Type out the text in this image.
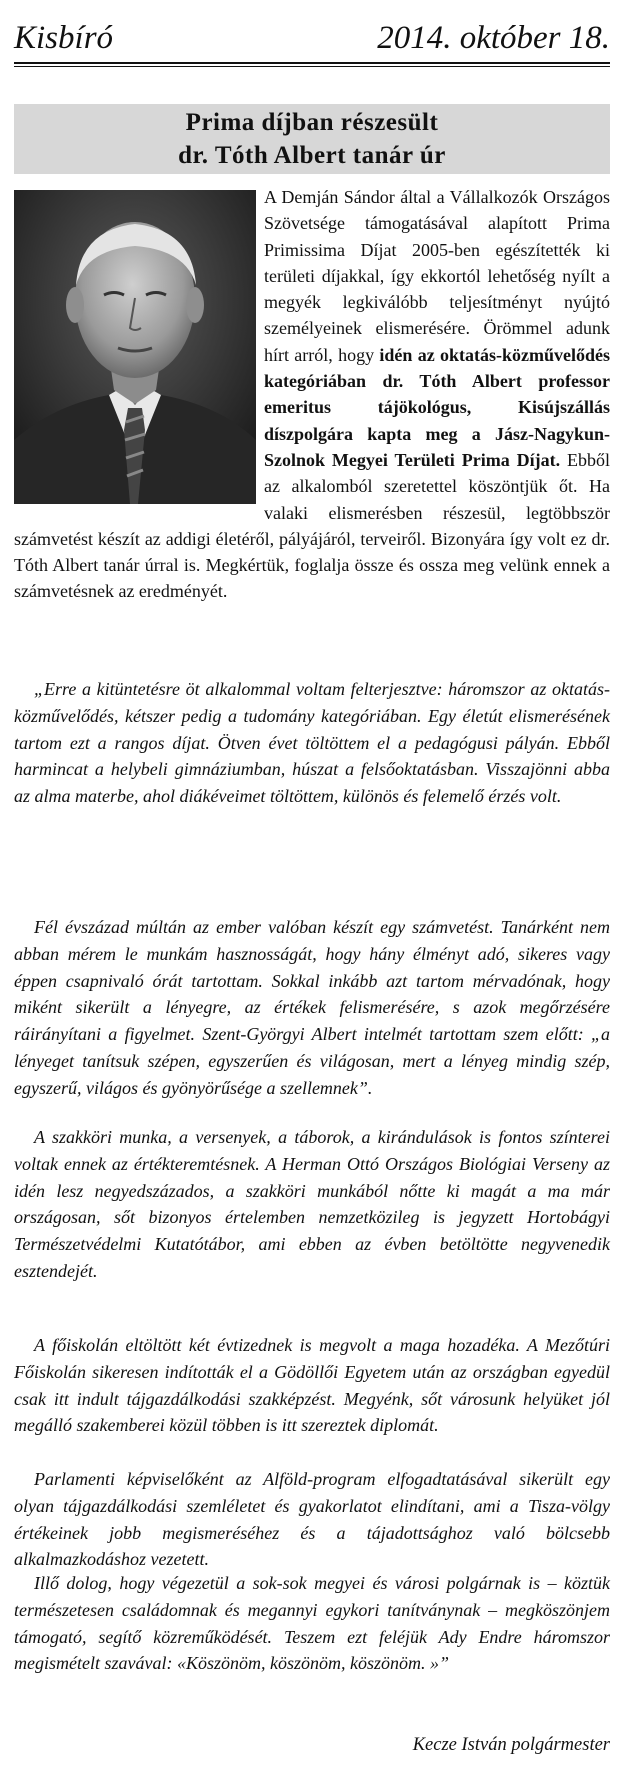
Kisbíró	2014. október 18.
Prima díjban részesült
dr. Tóth Albert tanár úr
A Demján Sándor által a Vállalkozók Országos Szövetsége támogatásával alapított Prima Primissima Díjat 2005-ben egészítették ki területi díjakkal, így ekkortól lehetőség nyílt a megyék legkiválóbb teljesítményt nyújtó személyeinek elismerésére. Örömmel adunk hírt arról, hogy idén az oktatás-közművelődés kategóriában dr. Tóth Albert professor emeritus tájökológus, Kisújszállás díszpolgára kapta meg a Jász-Nagykun-Szolnok Megyei Területi Prima Díjat. Ebből az alkalomból szeretettel köszöntjük őt. Ha valaki elismerésben részesül, legtöbbször számvetést készít az addigi életéről, pályájáról, terveiről. Bizonyára így volt ez dr. Tóth Albert tanár úrral is. Megkértük, foglalja össze és ossza meg velünk ennek a számvetésnek az eredményét.

„Erre a kitüntetésre öt alkalommal voltam felterjesztve: háromszor az oktatás-közművelődés, kétszer pedig a tudomány kategóriában. Egy életút elismerésének tartom ezt a rangos díjat. Ötven évet töltöttem el a pedagógusi pályán. Ebből harmincat a helybeli gimnáziumban, húszat a felsőoktatásban. Visszajönni abba az alma materbe, ahol diákéveimet töltöttem, különös és felemelő érzés volt.

Fél évszázad múltán az ember valóban készít egy számvetést. Tanárként nem abban mérem le munkám hasznosságát, hogy hány élményt adó, sikeres vagy éppen csapnivaló órát tartottam. Sokkal inkább azt tartom mérvadónak, hogy miként sikerült a lényegre, az értékek felismerésére, s azok megőrzésére ráirányítani a figyelmet. Szent-Györgyi Albert intelmét tartottam szem előtt: „a lényeget tanítsuk szépen, egyszerűen és világosan, mert a lényeg mindig szép, egyszerű, világos és gyönyörűsége a szellemnek”.

A szakköri munka, a versenyek, a táborok, a kirándulások is fontos színterei voltak ennek az értékteremtésnek. A Herman Ottó Országos Biológiai Verseny az idén lesz negyedszázados, a szakköri munkából nőtte ki magát a ma már országosan, sőt bizonyos értelemben nemzetközileg is jegyzett Hortobágyi Természetvédelmi Kutatótábor, ami ebben az évben betöltötte negyvenedik esztendejét.

A főiskolán eltöltött két évtizednek is megvolt a maga hozadéka. A Mezőtúri Főiskolán sikeresen indították el a Gödöllői Egyetem után az országban egyedül csak itt indult tájgazdálkodási szakképzést. Megyénk, sőt városunk helyüket jól megálló szakemberei közül többen is itt szereztek diplomát.

Parlamenti képviselőként az Alföld-program elfogadtatásával sikerült egy olyan tájgazdálkodási szemléletet és gyakorlatot elindítani, ami a Tisza-völgy értékeinek jobb megismeréséhez és a tájadottsághoz való bölcsebb alkalmazkodáshoz vezetett.

Illő dolog, hogy végezetül a sok-sok megyei és városi polgárnak is – köztük természetesen családomnak és megannyi egykori tanítványnak – megköszönjem támogató, segítő közreműködését. Teszem ezt feléjük Ady Endre háromszor megismételt szavával: «Köszönöm, köszönöm, köszönöm. »”

Kecze István polgármester
